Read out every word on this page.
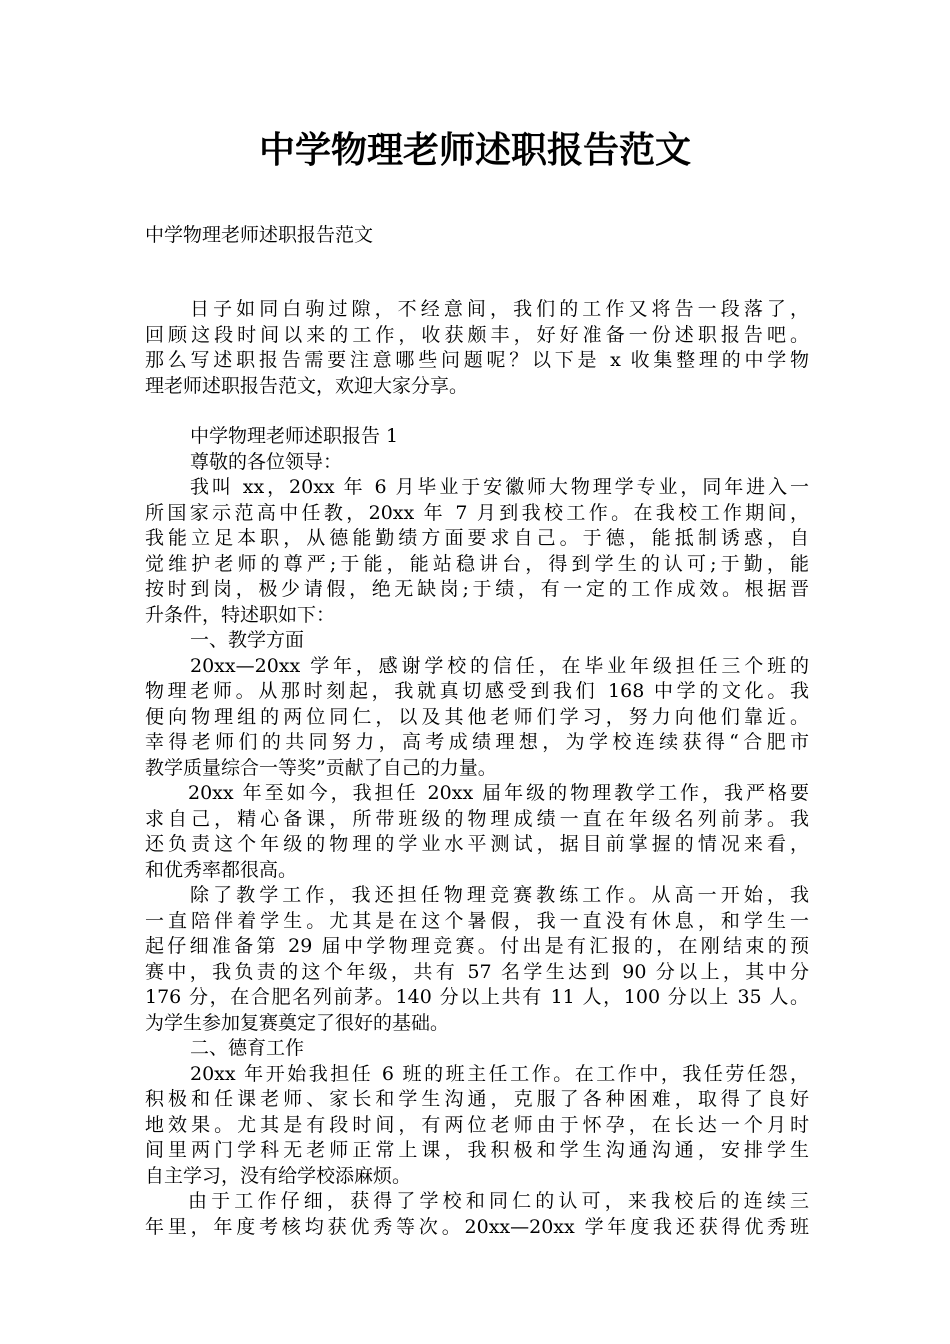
中学物理老师述职报告范文

中学物理老师述职报告范文

日子如同白驹过隙，不经意间，我们的工作又将告一段落了，
回顾这段时间以来的工作，收获颇丰，好好准备一份述职报告吧。
那么写述职报告需要注意哪些问题呢？以下是 x 收集整理的中学物
理老师述职报告范文，欢迎大家分享。
中学物理老师述职报告 1
尊敬的各位领导：
我叫 xx，20xx 年 6 月毕业于安徽师大物理学专业，同年进入一
所国家示范高中任教，20xx 年 7 月到我校工作。在我校工作期间，
我能立足本职，从德能勤绩方面要求自己。于德，能抵制诱惑，自
觉维护老师的尊严;于能，能站稳讲台，得到学生的认可;于勤，能
按时到岗，极少请假，绝无缺岗;于绩，有一定的工作成效。根据晋
升条件，特述职如下：
一、教学方面
20xx—20xx 学年，感谢学校的信任，在毕业年级担任三个班的
物理老师。从那时刻起，我就真切感受到我们 168 中学的文化。我
便向物理组的两位同仁，以及其他老师们学习，努力向他们靠近。
幸得老师们的共同努力，高考成绩理想，为学校连续获得“合肥市
教学质量综合一等奖”贡献了自己的力量。
20xx 年至如今，我担任 20xx 届年级的物理教学工作，我严格要
求自己，精心备课，所带班级的物理成绩一直在年级名列前茅。我
还负责这个年级的物理的学业水平测试，据目前掌握的情况来看，
和优秀率都很高。
除了教学工作，我还担任物理竞赛教练工作。从高一开始，我
一直陪伴着学生。尤其是在这个暑假，我一直没有休息，和学生一
起仔细准备第 29 届中学物理竞赛。付出是有汇报的，在刚结束的预
赛中，我负责的这个年级，共有 57 名学生达到 90 分以上，其中分
176 分，在合肥名列前茅。140 分以上共有 11 人，100 分以上 35 人。
为学生参加复赛奠定了很好的基础。
二、德育工作
20xx 年开始我担任 6 班的班主任工作。在工作中，我任劳任怨，
积极和任课老师、家长和学生沟通，克服了各种困难，取得了良好
地效果。尤其是有段时间，有两位老师由于怀孕，在长达一个月时
间里两门学科无老师正常上课，我积极和学生沟通沟通，安排学生
自主学习，没有给学校添麻烦。
由于工作仔细，获得了学校和同仁的认可，来我校后的连续三
年里，年度考核均获优秀等次。20xx—20xx 学年度我还获得优秀班
